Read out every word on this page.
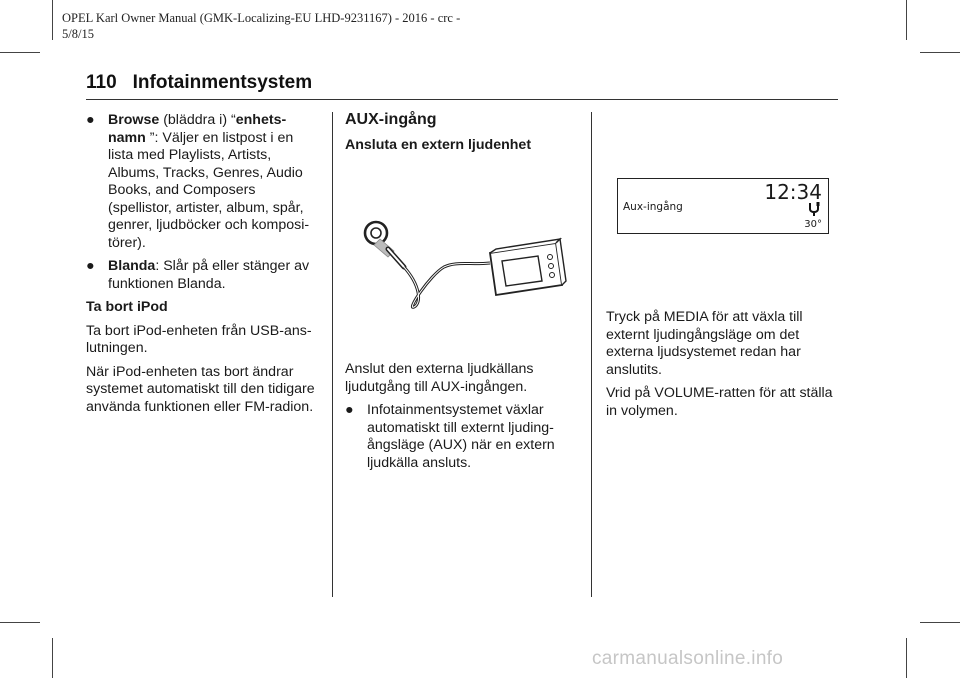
OPEL Karl Owner Manual (GMK-Localizing-EU LHD-9231167) - 2016 - crc -
5/8/15
110 Infotainmentsystem
● Browse (bläddra i) “enhets-namn ”: Väljer en listpost i en lista med Playlists, Artists, Albums, Tracks, Genres, Audio Books, and Composers (spellistor, artister, album, spår, genrer, ljudböcker och komposi-törer).
● Blanda: Slår på eller stänger av funktionen Blanda.

Ta bort iPod

Ta bort iPod-enheten från USB-ans-lutningen.

När iPod-enheten tas bort ändrar systemet automatiskt till den tidigare använda funktionen eller FM-radion.

AUX-ingång

Ansluta en extern ljudenhet

Anslut den externa ljudkällans ljudutgång till AUX-ingången.

● Infotainmentsystemet växlar automatiskt till externt ljuding-ångsläge (AUX) när en extern ljudkälla ansluts.
12:34
Aux-ingång
30°

Tryck på MEDIA för att växla till externt ljudingångsläge om det externa ljudsystemet redan har anslutits.

Vrid på VOLUME-ratten för att ställa in volymen.

carmanualsonline.info
